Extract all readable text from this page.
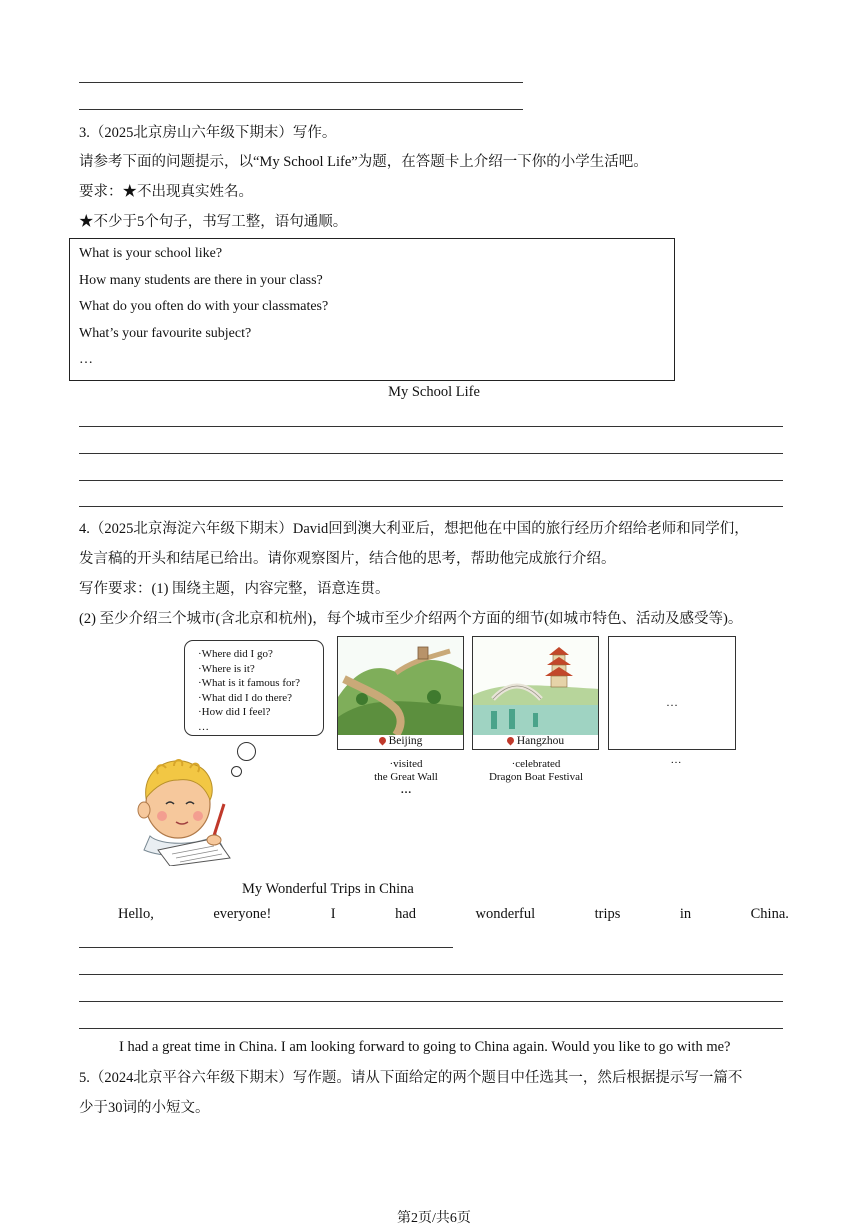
3.（2025北京房山六年级下期末）写作。
请参考下面的问题提示，以“My School Life”为题，在答题卡上介绍一下你的小学生活吧。
要求：★不出现真实姓名。
★不少于5个句子，书写工整，语句通顺。
What is your school like?
How many students are there in your class?
What do you often do with your classmates?
What’s your favourite subject?
…
My School Life
4.（2025北京海淀六年级下期末）David回到澳大利亚后，想把他在中国的旅行经历介绍给老师和同学们，
发言稿的开头和结尾已给出。请你观察图片，结合他的思考，帮助他完成旅行介绍。
写作要求：(1) 围绕主题，内容完整，语意连贯。
(2) 至少介绍三个城市(含北京和杭州)，每个城市至少介绍两个方面的细节(如城市特色、活动及感受等)。
·Where did I go?
·Where is it?
·What is it famous for?
·What did I do there?
·How did I feel?
…
Beijing	Hangzhou
…
·visited
the Great Wall
…
·celebrated
Dragon Boat Festival
…
My Wonderful Trips in China
Hello,	everyone!	I	had	wonderful	trips	in	China.
I had a great time in China. I am looking forward to going to China again. Would you like to go with me?
5.（2024北京平谷六年级下期末）写作题。请从下面给定的两个题目中任选其一，然后根据提示写一篇不
少于30词的小短文。
第2页/共6页
